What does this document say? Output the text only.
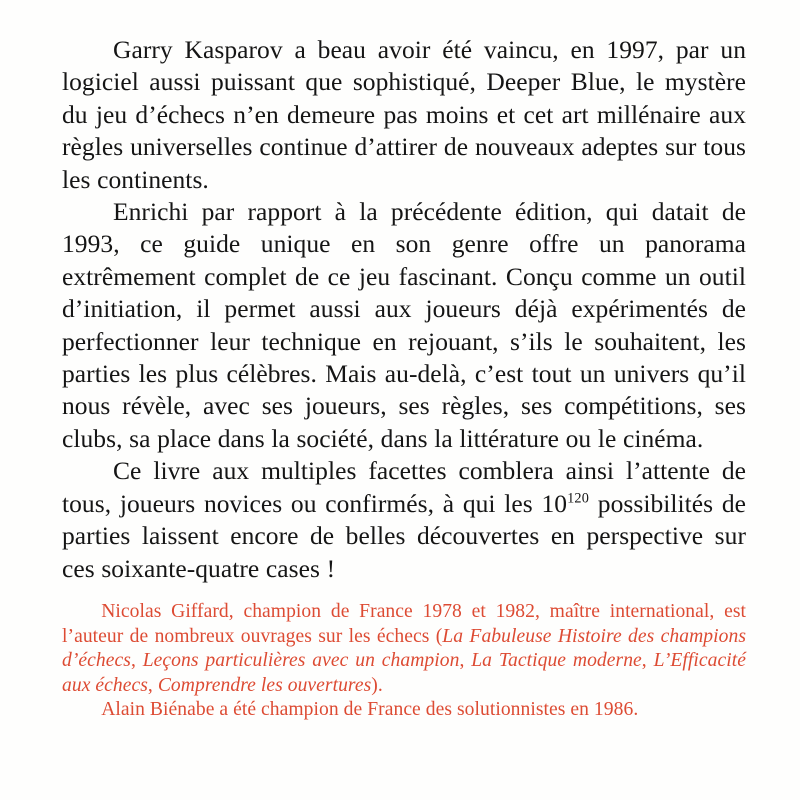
Garry Kasparov a beau avoir été vaincu, en 1997, par un logiciel aussi puissant que sophistiqué, Deeper Blue, le mystère du jeu d’échecs n’en demeure pas moins et cet art millénaire aux règles universelles continue d’attirer de nouveaux adeptes sur tous les continents.

Enrichi par rapport à la précédente édition, qui datait de 1993, ce guide unique en son genre offre un panorama extrêmement complet de ce jeu fascinant. Conçu comme un outil d’initiation, il permet aussi aux joueurs déjà expérimentés de perfectionner leur technique en rejouant, s’ils le souhaitent, les parties les plus célèbres. Mais au-delà, c’est tout un univers qu’il nous révèle, avec ses joueurs, ses règles, ses compétitions, ses clubs, sa place dans la société, dans la littérature ou le cinéma.

Ce livre aux multiples facettes comblera ainsi l’attente de tous, joueurs novices ou confirmés, à qui les $10^{120}$ possibilités de parties laissent encore de belles découvertes en perspective sur ces soixante-quatre cases !

Nicolas Giffard, champion de France 1978 et 1982, maître international, est l’auteur de nombreux ouvrages sur les échecs (La Fabuleuse Histoire des champions d’échecs, Leçons particulières avec un champion, La Tactique moderne, L’Efficacité aux échecs, Comprendre les ouvertures).

Alain Biénabe a été champion de France des solutionnistes en 1986.
